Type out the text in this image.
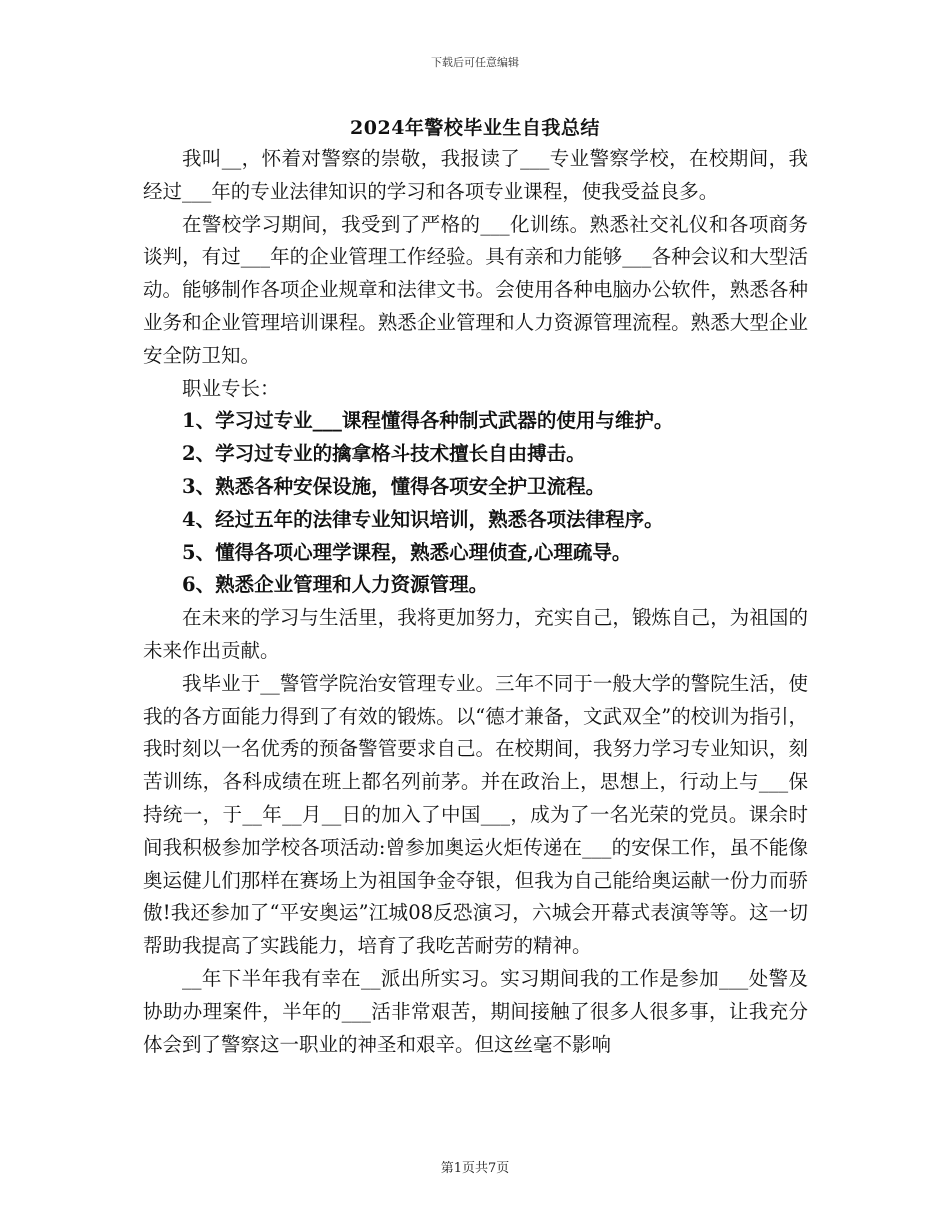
下载后可任意编辑
2024年警校毕业生自我总结

我叫__，怀着对警察的崇敬，我报读了___专业警察学校，在校期间，我经过___年的专业法律知识的学习和各项专业课程，使我受益良多。

在警校学习期间，我受到了严格的___化训练。熟悉社交礼仪和各项商务谈判，有过___年的企业管理工作经验。具有亲和力能够___各种会议和大型活动。能够制作各项企业规章和法律文书。会使用各种电脑办公软件，熟悉各种业务和企业管理培训课程。熟悉企业管理和人力资源管理流程。熟悉大型企业安全防卫知。

职业专长：

1、学习过专业___课程懂得各种制式武器的使用与维护。

2、学习过专业的擒拿格斗技术擅长自由搏击。

3、熟悉各种安保设施，懂得各项安全护卫流程。

4、经过五年的法律专业知识培训，熟悉各项法律程序。

5、懂得各项心理学课程，熟悉心理侦查,心理疏导。

6、熟悉企业管理和人力资源管理。

在未来的学习与生活里，我将更加努力，充实自己，锻炼自己，为祖国的未来作出贡献。

我毕业于__警管学院治安管理专业。三年不同于一般大学的警院生活，使我的各方面能力得到了有效的锻炼。以“德才兼备，文武双全”的校训为指引，我时刻以一名优秀的预备警管要求自己。在校期间，我努力学习专业知识，刻苦训练，各科成绩在班上都名列前茅。并在政治上，思想上，行动上与___保持统一，于__年__月__日的加入了中国___，成为了一名光荣的党员。课余时间我积极参加学校各项活动:曾参加奥运火炬传递在___的安保工作，虽不能像奥运健儿们那样在赛场上为祖国争金夺银，但我为自己能给奥运献一份力而骄傲!我还参加了“平安奥运”江城08反恐演习，六城会开幕式表演等等。这一切帮助我提高了实践能力，培育了我吃苦耐劳的精神。

__年下半年我有幸在__派出所实习。实习期间我的工作是参加___处警及协助办理案件，半年的___活非常艰苦，期间接触了很多人很多事，让我充分体会到了警察这一职业的神圣和艰辛。但这丝毫不影响

第1页共7页
